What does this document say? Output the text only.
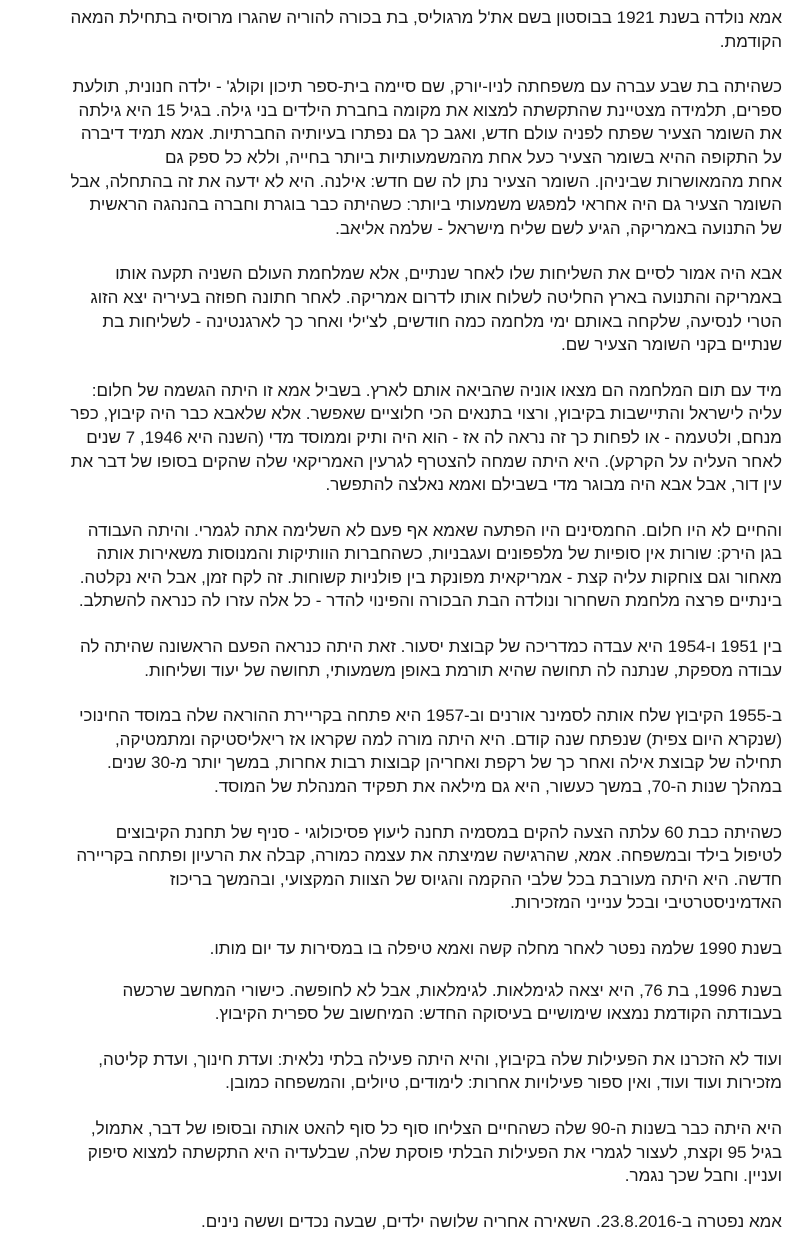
אמא נולדה בשנת 1921 בבוסטון בשם את'ל מרגוליס, בת בכורה להוריה שהגרו מרוסיה בתחילת המאה
הקודמת.

כשהיתה בת שבע עברה עם משפחתה לניו-יורק, שם סיימה בית-ספר תיכון וקולג' - ילדה חנונית, תולעת
ספרים, תלמידה מצטיינת שהתקשתה למצוא את מקומה בחברת הילדים בני גילה. בגיל 15 היא גילתה
את השומר הצעיר שפתח לפניה עולם חדש, ואגב כך גם נפתרו בעיותיה החברתיות. אמא תמיד דיברה
על התקופה ההיא בשומר הצעיר כעל אחת מהמשמעותיות ביותר בחייה, וללא כל ספק גם
אחת מהמאושרות שביניהן. השומר הצעיר נתן לה שם חדש: אילנה. היא לא ידעה את זה בהתחלה, אבל
השומר הצעיר גם היה אחראי למפגש משמעותי ביותר: כשהיתה כבר בוגרת וחברה בהנהגה הראשית
של התנועה באמריקה, הגיע לשם שליח מישראל - שלמה אליאב.

אבא היה אמור לסיים את השליחות שלו לאחר שנתיים, אלא שמלחמת העולם השניה תקעה אותו
באמריקה והתנועה בארץ החליטה לשלוח אותו לדרום אמריקה. לאחר חתונה חפוזה בעיריה יצא הזוג
הטרי לנסיעה, שלקחה באותם ימי מלחמה כמה חודשים, לצ'ילי ואחר כך לארגנטינה - לשליחות בת
שנתיים בקני השומר הצעיר שם.

מיד עם תום המלחמה הם מצאו אוניה שהביאה אותם לארץ. בשביל אמא זו היתה הגשמה של חלום:
עליה לישראל והתיישבות בקיבוץ, ורצוי בתנאים הכי חלוציים שאפשר. אלא שלאבא כבר היה קיבוץ, כפר
מנחם, ולטעמה - או לפחות כך זה נראה לה אז - הוא היה ותיק וממוסד מדי (השנה היא 1946, 7 שנים
לאחר העליה על הקרקע). היא היתה שמחה להצטרף לגרעין האמריקאי שלה שהקים בסופו של דבר את
עין דור, אבל אבא היה מבוגר מדי בשבילם ואמא נאלצה להתפשר.

והחיים לא היו חלום. החמסינים היו הפתעה שאמא אף פעם לא השלימה אתה לגמרי. והיתה העבודה
בגן הירק: שורות אין סופיות של מלפפונים ועגבניות, כשהחברות הוותיקות והמנוסות משאירות אותה
מאחור וגם צוחקות עליה קצת - אמריקאית מפונקת בין פולניות קשוחות. זה לקח זמן, אבל היא נקלטה.
בינתיים פרצה מלחמת השחרור ונולדה הבת הבכורה והפינוי להדר - כל אלה עזרו לה כנראה להשתלב.

בין 1951 ו-1954 היא עבדה כמדריכה של קבוצת יסעור. זאת היתה כנראה הפעם הראשונה שהיתה לה
עבודה מספקת, שנתנה לה תחושה שהיא תורמת באופן משמעותי, תחושה של יעוד ושליחות.

ב-1955 הקיבוץ שלח אותה לסמינר אורנים וב-1957 היא פתחה בקריירת ההוראה שלה במוסד החינוכי
(שנקרא היום צפית) שנפתח שנה קודם. היא היתה מורה למה שקראו אז ריאליסטיקה ומתמטיקה,
תחילה של קבוצת אילה ואחר כך של רקפת ואחריהן קבוצות רבות אחרות, במשך יותר מ-30 שנים.
במהלך שנות ה-70, במשך כעשור, היא גם מילאה את תפקיד המנהלת של המוסד.

כשהיתה כבת 60 עלתה הצעה להקים במסמיה תחנה ליעוץ פסיכולוגי - סניף של תחנת הקיבוצים
לטיפול בילד ובמשפחה. אמא, שהרגישה שמיצתה את עצמה כמורה, קבלה את הרעיון ופתחה בקריירה
חדשה. היא היתה מעורבת בכל שלבי ההקמה והגיוס של הצוות המקצועי, ובהמשך בריכוז
האדמיניסטרטיבי ובכל ענייני המזכירות.

בשנת 1990 שלמה נפטר לאחר מחלה קשה ואמא טיפלה בו במסירות עד יום מותו.

בשנת 1996, בת 76, היא יצאה לגימלאות. לגימלאות, אבל לא לחופשה. כישורי המחשב שרכשה
בעבודתה הקודמת נמצאו שימושיים בעיסוקה החדש: המיחשוב של ספרית הקיבוץ.

ועוד לא הזכרנו את הפעילות שלה בקיבוץ, והיא היתה פעילה בלתי נלאית: ועדת חינוך, ועדת קליטה,
מזכירות ועוד ועוד, ואין ספור פעילויות אחרות: לימודים, טיולים, והמשפחה כמובן.

היא היתה כבר בשנות ה-90 שלה כשהחיים הצליחו סוף כל סוף להאט אותה ובסופו של דבר, אתמול,
בגיל 95 וקצת, לעצור לגמרי את הפעילות הבלתי פוסקת שלה, שבלעדיה היא התקשתה למצוא סיפוק
ועניין. וחבל שכך נגמר.

אמא נפטרה ב-23.8.2016. השאירה אחריה שלושה ילדים, שבעה נכדים וששה נינים.
